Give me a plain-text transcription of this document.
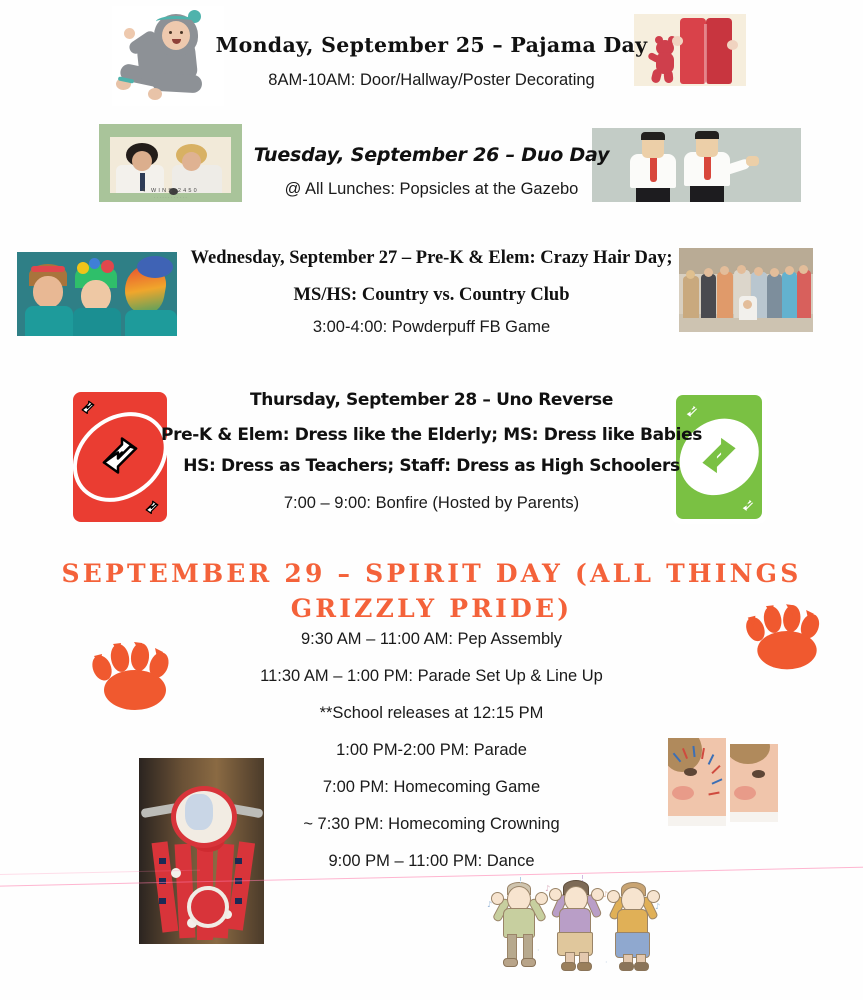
Monday, September 25 – Pajama Day
8AM-10AM: Door/Hallway/Poster Decorating
4 WINS 2450
· · · · · · · · · · · ·
Tuesday, September 26 – Duo Day
@ All Lunches: Popsicles at the Gazebo
Wednesday, September 27 – Pre-K & Elem: Crazy Hair Day;
MS/HS: Country vs. Country Club
3:00-4:00: Powderpuff FB Game
Thursday, September 28 – Uno Reverse
Pre-K & Elem: Dress like the Elderly; MS: Dress like Babies
HS: Dress as Teachers; Staff: Dress as High Schoolers
7:00 – 9:00: Bonfire (Hosted by Parents)
SEPTEMBER 29 – SPIRIT DAY (ALL THINGS GRIZZLY PRIDE)
9:30 AM – 11:00 AM: Pep Assembly
11:30 AM – 1:00 PM: Parade Set Up & Line Up
**School releases at 12:15 PM
1:00 PM-2:00 PM: Parade
7:00 PM: Homecoming Game
~ 7:30 PM: Homecoming Crowning
9:00 PM – 11:00 PM: Dance
♪
!
♪
!
♪
♪
·
·
